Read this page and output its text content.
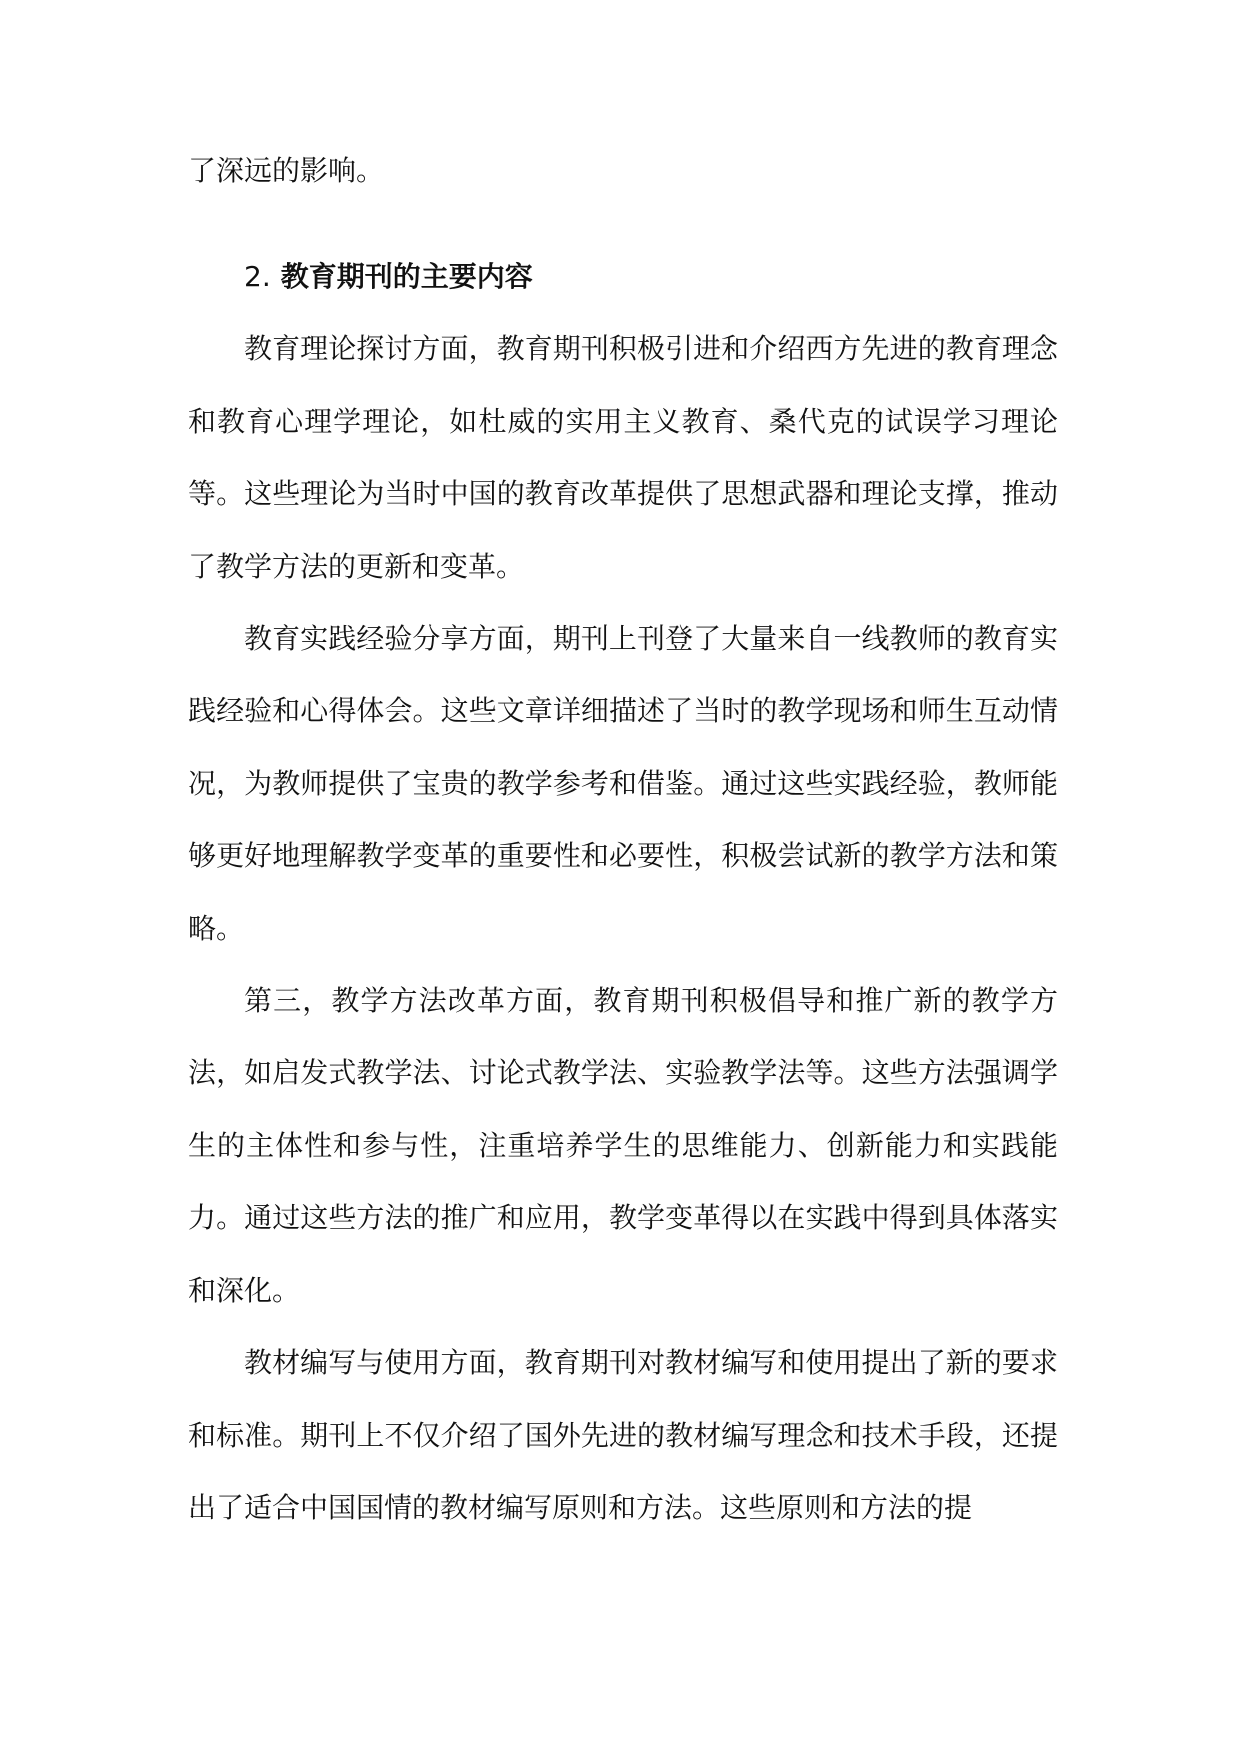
了深远的影响。

2. 教育期刊的主要内容

教育理论探讨方面，教育期刊积极引进和介绍西方先进的教育理念和教育心理学理论，如杜威的实用主义教育、桑代克的试误学习理论等。这些理论为当时中国的教育改革提供了思想武器和理论支撑，推动了教学方法的更新和变革。

教育实践经验分享方面，期刊上刊登了大量来自一线教师的教育实践经验和心得体会。这些文章详细描述了当时的教学现场和师生互动情况，为教师提供了宝贵的教学参考和借鉴。通过这些实践经验，教师能够更好地理解教学变革的重要性和必要性，积极尝试新的教学方法和策略。

第三，教学方法改革方面，教育期刊积极倡导和推广新的教学方法，如启发式教学法、讨论式教学法、实验教学法等。这些方法强调学生的主体性和参与性，注重培养学生的思维能力、创新能力和实践能力。通过这些方法的推广和应用，教学变革得以在实践中得到具体落实和深化。

教材编写与使用方面，教育期刊对教材编写和使用提出了新的要求和标准。期刊上不仅介绍了国外先进的教材编写理念和技术手段，还提出了适合中国国情的教材编写原则和方法。这些原则和方法的提
